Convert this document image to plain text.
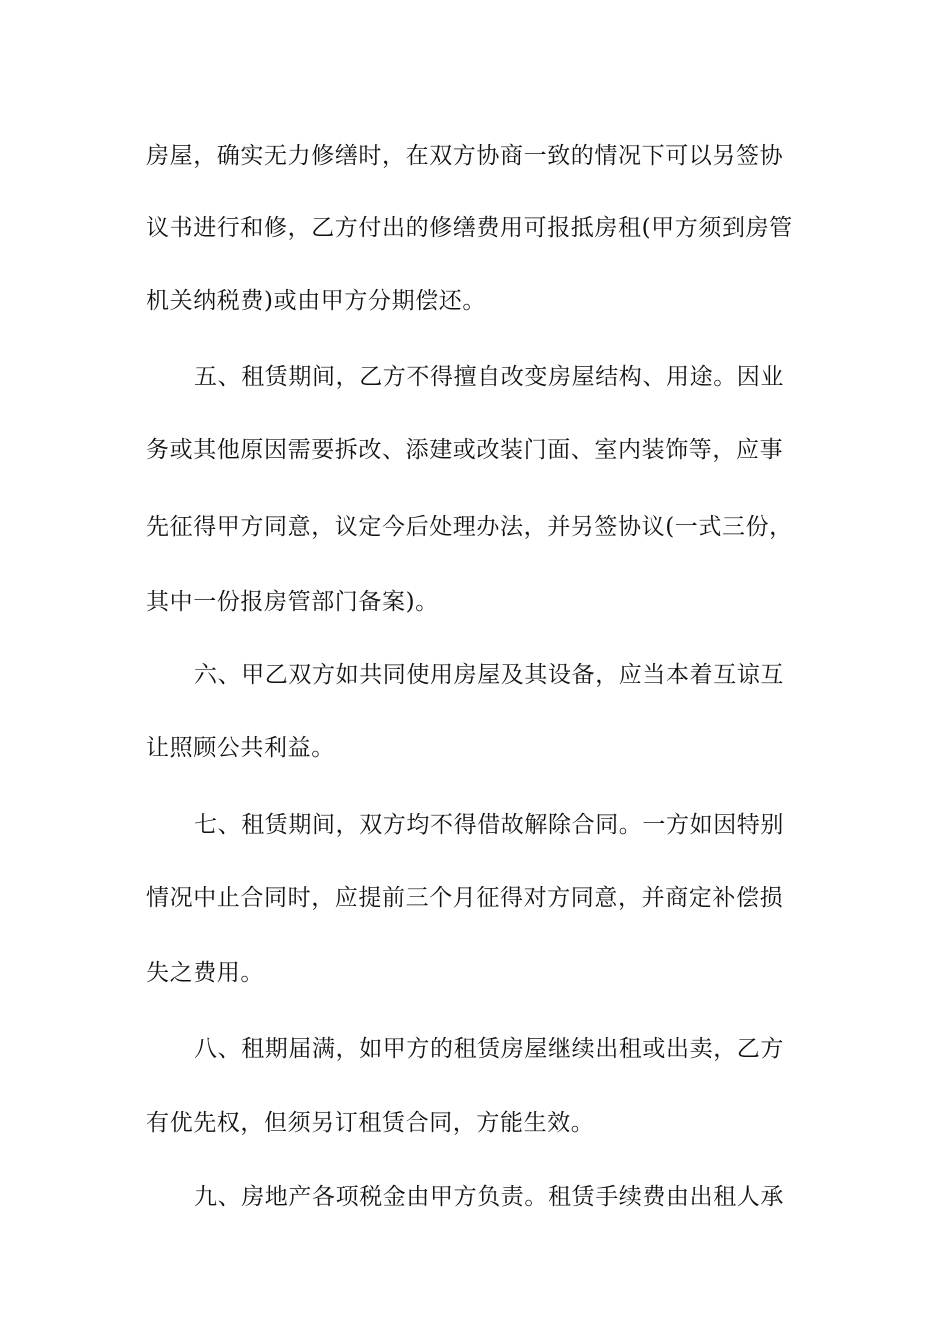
房屋，确实无力修缮时，在双方协商一致的情况下可以另签协
议书进行和修，乙方付出的修缮费用可报抵房租(甲方须到房管
机关纳税费)或由甲方分期偿还。
五、租赁期间，乙方不得擅自改变房屋结构、用途。因业
务或其他原因需要拆改、添建或改装门面、室内装饰等，应事
先征得甲方同意，议定今后处理办法，并另签协议(一式三份，
其中一份报房管部门备案)。
六、甲乙双方如共同使用房屋及其设备，应当本着互谅互
让照顾公共利益。
七、租赁期间，双方均不得借故解除合同。一方如因特别
情况中止合同时，应提前三个月征得对方同意，并商定补偿损
失之费用。
八、租期届满，如甲方的租赁房屋继续出租或出卖，乙方
有优先权，但须另订租赁合同，方能生效。
九、房地产各项税金由甲方负责。租赁手续费由出租人承
